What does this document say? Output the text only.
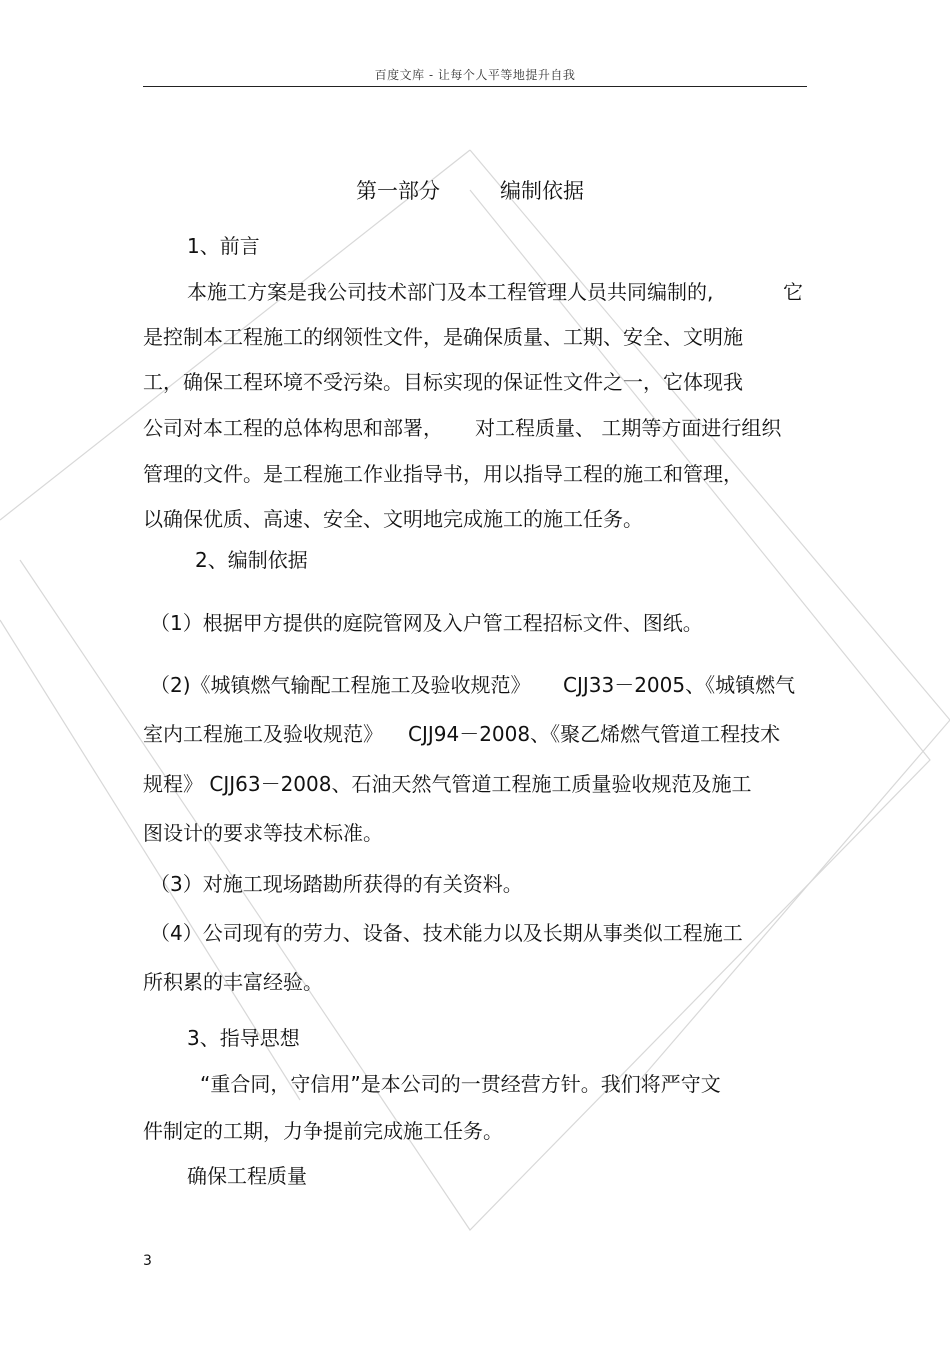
百度文库 - 让每个人平等地提升自我
第一部分	编制依据
1、前言
本施工方案是我公司技术部门及本工程管理人员共同编制的,	它
是控制本工程施工的纲领性文件，是确保质量、工期、安全、文明施
工，确保工程环境不受污染。目标实现的保证性文件之一，它体现我
公司对本工程的总体构思和部署， 对工程质量、 工期等方面进行组织
管理的文件。是工程施工作业指导书，用以指导工程的施工和管理，
以确保优质、高速、安全、文明地完成施工的施工任务。
2、编制依据
（1）根据甲方提供的庭院管网及入户管工程招标文件、图纸。
（2)《城镇燃气输配工程施工及验收规范》 CJJ33－2005、《城镇燃气
室内工程施工及验收规范》 CJJ94－2008、《聚乙烯燃气管道工程技术
规程》 CJJ63－2008、石油天然气管道工程施工质量验收规范及施工
图设计的要求等技术标准。
（3）对施工现场踏勘所获得的有关资料。
（4）公司现有的劳力、设备、技术能力以及长期从事类似工程施工
所积累的丰富经验。
3、指导思想
“重合同，守信用”是本公司的一贯经营方针。我们将严守文
件制定的工期，力争提前完成施工任务。
确保工程质量
3
